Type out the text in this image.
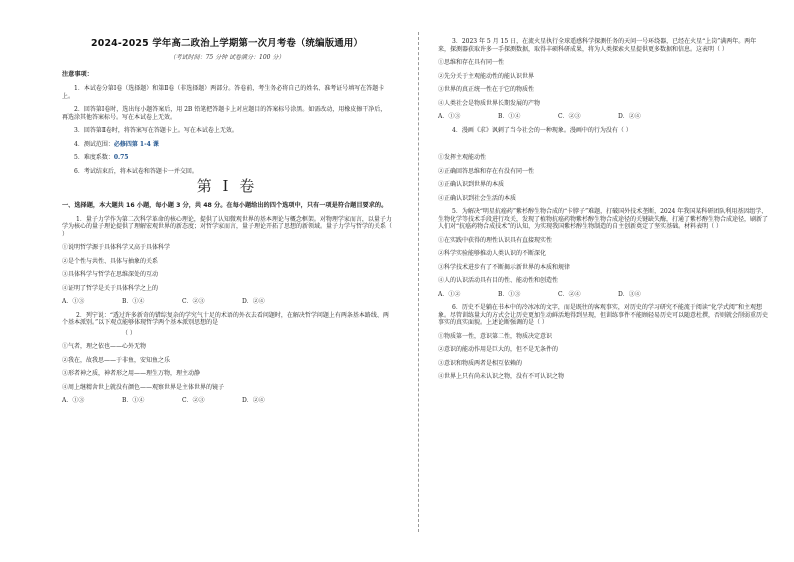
2024-2025 学年高二政治上学期第一次月考卷（统编版通用）
（考试时间：75 分钟 试卷满分：100 分）
注意事项：

1．本试卷分第Ⅰ卷（选择题）和第Ⅱ卷（非选择题）两部分。答卷前，考生务必将自己的姓名、准考证号填写在答题卡上。

2．回答第Ⅰ卷时，选出每小题答案后，用 2B 铅笔把答题卡上对应题目的答案标号涂黑。如需改动，用橡皮擦干净后，再选涂其他答案标号。写在本试卷上无效。

3．回答第Ⅱ卷时，将答案写在答题卡上。写在本试卷上无效。

4．测试范围：必修四第 1-4 课

5．难度系数：0.75

6．考试结束后，将本试卷和答题卡一并交回。

第 Ⅰ 卷
一、选择题，本大题共 16 小题，每小题 3 分，共 48 分。在每小题给出的四个选项中，只有一项是符合题目要求的。
1．量子力学作为第二次科学革命的核心理论，提供了认知微观世界的基本理论与概念框架。对物理学家而言，以量子力学为核心的量子理论提供了理解宏观世界的新态度；对哲学家而言，量子理论开拓了思想的新领域。量子力学与哲学的关系（ ）
①说明哲学源于具体科学又高于具体科学
②是个性与共性、具体与抽象的关系
③具体科学与哲学在思维深处的互动
④证明了哲学是关于具体科学之上的
A．①③	B．①④	C．②③	D．②④
2．列宁说：“透过许多新奇的错综复杂的学究气十足的术语的外衣去看问题时，在解决哲学问题上有两条基本路线、两个基本派别。”以下观点能够体现哲学两个基本派别思想的是
（ ）
①气者，理之依也——心外无物
②我在，故我思——于非鱼，安知鱼之乐
③形者神之质，神者形之用——理生万物，理主动静
④周上继精舍世上就没有颜色——观察世界是主体世界的镜子
A．①③	B．①④	C．②③	D．②④
3．2023 年 5 月 15 日，在流火星执行全球遥感科学探测任务的天问一号环绕器，已经在火星“上岗”满两年。两年来，探测器获取许多一手探测数据，取得丰硕科研成果，将为人类探索火星提供更多数据和信息。这表明（ ）
①思维和存在具有同一性
②先分关于主观能动性的能认识世界
③世界的真正统一性在于它的物质性
④人类社会是物质世界长期发展的产物
A．①③	B．①④	C．②③	D．②④
4．漫画《求》讽刺了当今社会的一种现象。漫画中的行为没有（ ）
①发挥主观能动性
②正确回答思维和存在有没有同一性
③正确认识到世界的本质
④正确认识到社会生活的本质
5．为解决“明星抗癌药”紫杉醇生物合成的“卡脖子”难题，打破国外技术垄断，2024 年我国某科研团队利用基因组学、生物化学等技术手段进行攻关，发现了植物抗癌药物紫杉醇生物合成途径的关键缺失酶，打通了紫杉醇生物合成途径，刷新了人们对“抗癌药物合成技术”的认知，为实现我国紫杉醇生物制造的自主创新奠定了坚实基础。材料表明（ ）
①在实践中获得的理性认识具有直接现实性
②科学实验能够推动人类认识的不断深化
③科学技术进步有了不断揭示新世界的本质和规律
④人的认识活动具有目的性、能动性和创造性
A．①②	B．①③	C．②④	D．③④
6．历史不是躺在书本中的冷冰冰的文字，而是既往的客观事实，对历史的学习研究不能流于阅读“化学式阅”和主观想象。尽管训练量大的方式会让历史更加生动鲜活地得到呈现，但训练事件不能顾轻易历史可以随意杜撰，否则就会削弱重历史事实的真实面貌。上述论断强调的是（ ）
①物质第一性，意识第二性，物质决定意识
②意识的能动作用是巨大的，但不是无条件的
③意识和物质两者是相互依赖的
④世界上只有尚未认识之物，没有不可认识之物
